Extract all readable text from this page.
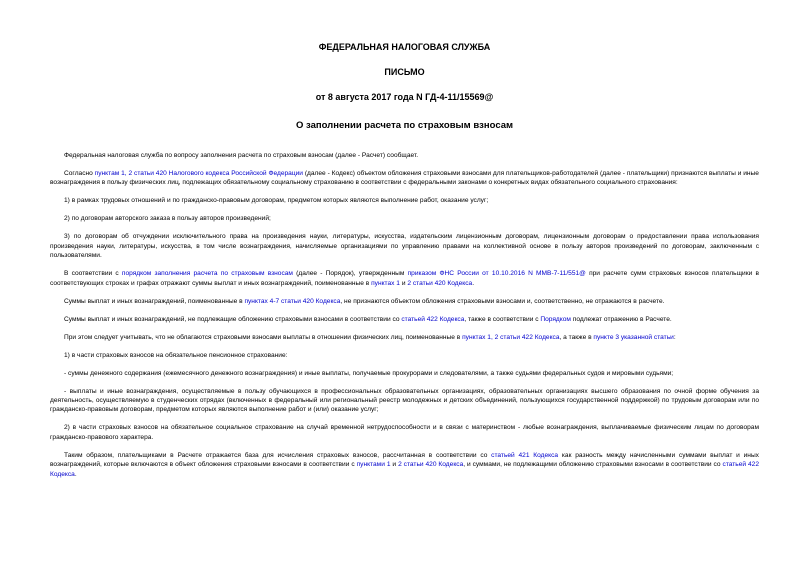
ФЕДЕРАЛЬНАЯ НАЛОГОВАЯ СЛУЖБА
ПИСЬМО
от 8 августа 2017 года N ГД-4-11/15569@
О заполнении расчета по страховым взносам

Федеральная налоговая служба по вопросу заполнения расчета по страховым взносам (далее - Расчет) сообщает.

Согласно пунктам 1, 2 статьи 420 Налогового кодекса Российской Федерации (далее - Кодекс) объектом обложения страховыми взносами для плательщиков-работодателей (далее - плательщики) признаются выплаты и иные вознаграждения в пользу физических лиц, подлежащих обязательному социальному страхованию в соответствии с федеральными законами о конкретных видах обязательного социального страхования:

1) в рамках трудовых отношений и по гражданско-правовым договорам, предметом которых являются выполнение работ, оказание услуг;

2) по договорам авторского заказа в пользу авторов произведений;

3) по договорам об отчуждении исключительного права на произведения науки, литературы, искусства, издательским лицензионным договорам, лицензионным договорам о предоставлении права использования произведения науки, литературы, искусства, в том числе вознаграждения, начисляемые организациями по управлению правами на коллективной основе в пользу авторов произведений по договорам, заключенным с пользователями.

В соответствии с порядком заполнения расчета по страховым взносам (далее - Порядок), утвержденным приказом ФНС России от 10.10.2016 N ММВ-7-11/551@ при расчете сумм страховых взносов плательщики в соответствующих строках и графах отражают суммы выплат и иных вознаграждений, поименованные в пунктах 1 и 2 статьи 420 Кодекса.

Суммы выплат и иных вознаграждений, поименованные в пунктах 4-7 статьи 420 Кодекса, не признаются объектом обложения страховыми взносами и, соответственно, не отражаются в расчете.

Суммы выплат и иных вознаграждений, не подлежащие обложению страховыми взносами в соответствии со статьей 422 Кодекса, также в соответствии с Порядком подлежат отражению в Расчете.

При этом следует учитывать, что не облагаются страховыми взносами выплаты в отношении физических лиц, поименованные в пунктах 1, 2 статьи 422 Кодекса, а также в пункте 3 указанной статьи:

1) в части страховых взносов на обязательное пенсионное страхование:

- суммы денежного содержания (ежемесячного денежного вознаграждения) и иные выплаты, получаемые прокурорами и следователями, а также судьями федеральных судов и мировыми судьями;

- выплаты и иные вознаграждения, осуществляемые в пользу обучающихся в профессиональных образовательных организациях, образовательных организациях высшего образования по очной форме обучения за деятельность, осуществляемую в студенческих отрядах (включенных в федеральный или региональный реестр молодежных и детских объединений, пользующихся государственной поддержкой) по трудовым договорам или по гражданско-правовым договорам, предметом которых являются выполнение работ и (или) оказание услуг;

2) в части страховых взносов на обязательное социальное страхование на случай временной нетрудоспособности и в связи с материнством - любые вознаграждения, выплачиваемые физическим лицам по договорам гражданско-правового характера.

Таким образом, плательщиками в Расчете отражается база для исчисления страховых взносов, рассчитанная в соответствии со статьей 421 Кодекса как разность между начисленными суммами выплат и иных вознаграждений, которые включаются в объект обложения страховыми взносами в соответствии с пунктами 1 и 2 статьи 420 Кодекса, и суммами, не подлежащими обложению страховыми взносами в соответствии со статьей 422 Кодекса.
